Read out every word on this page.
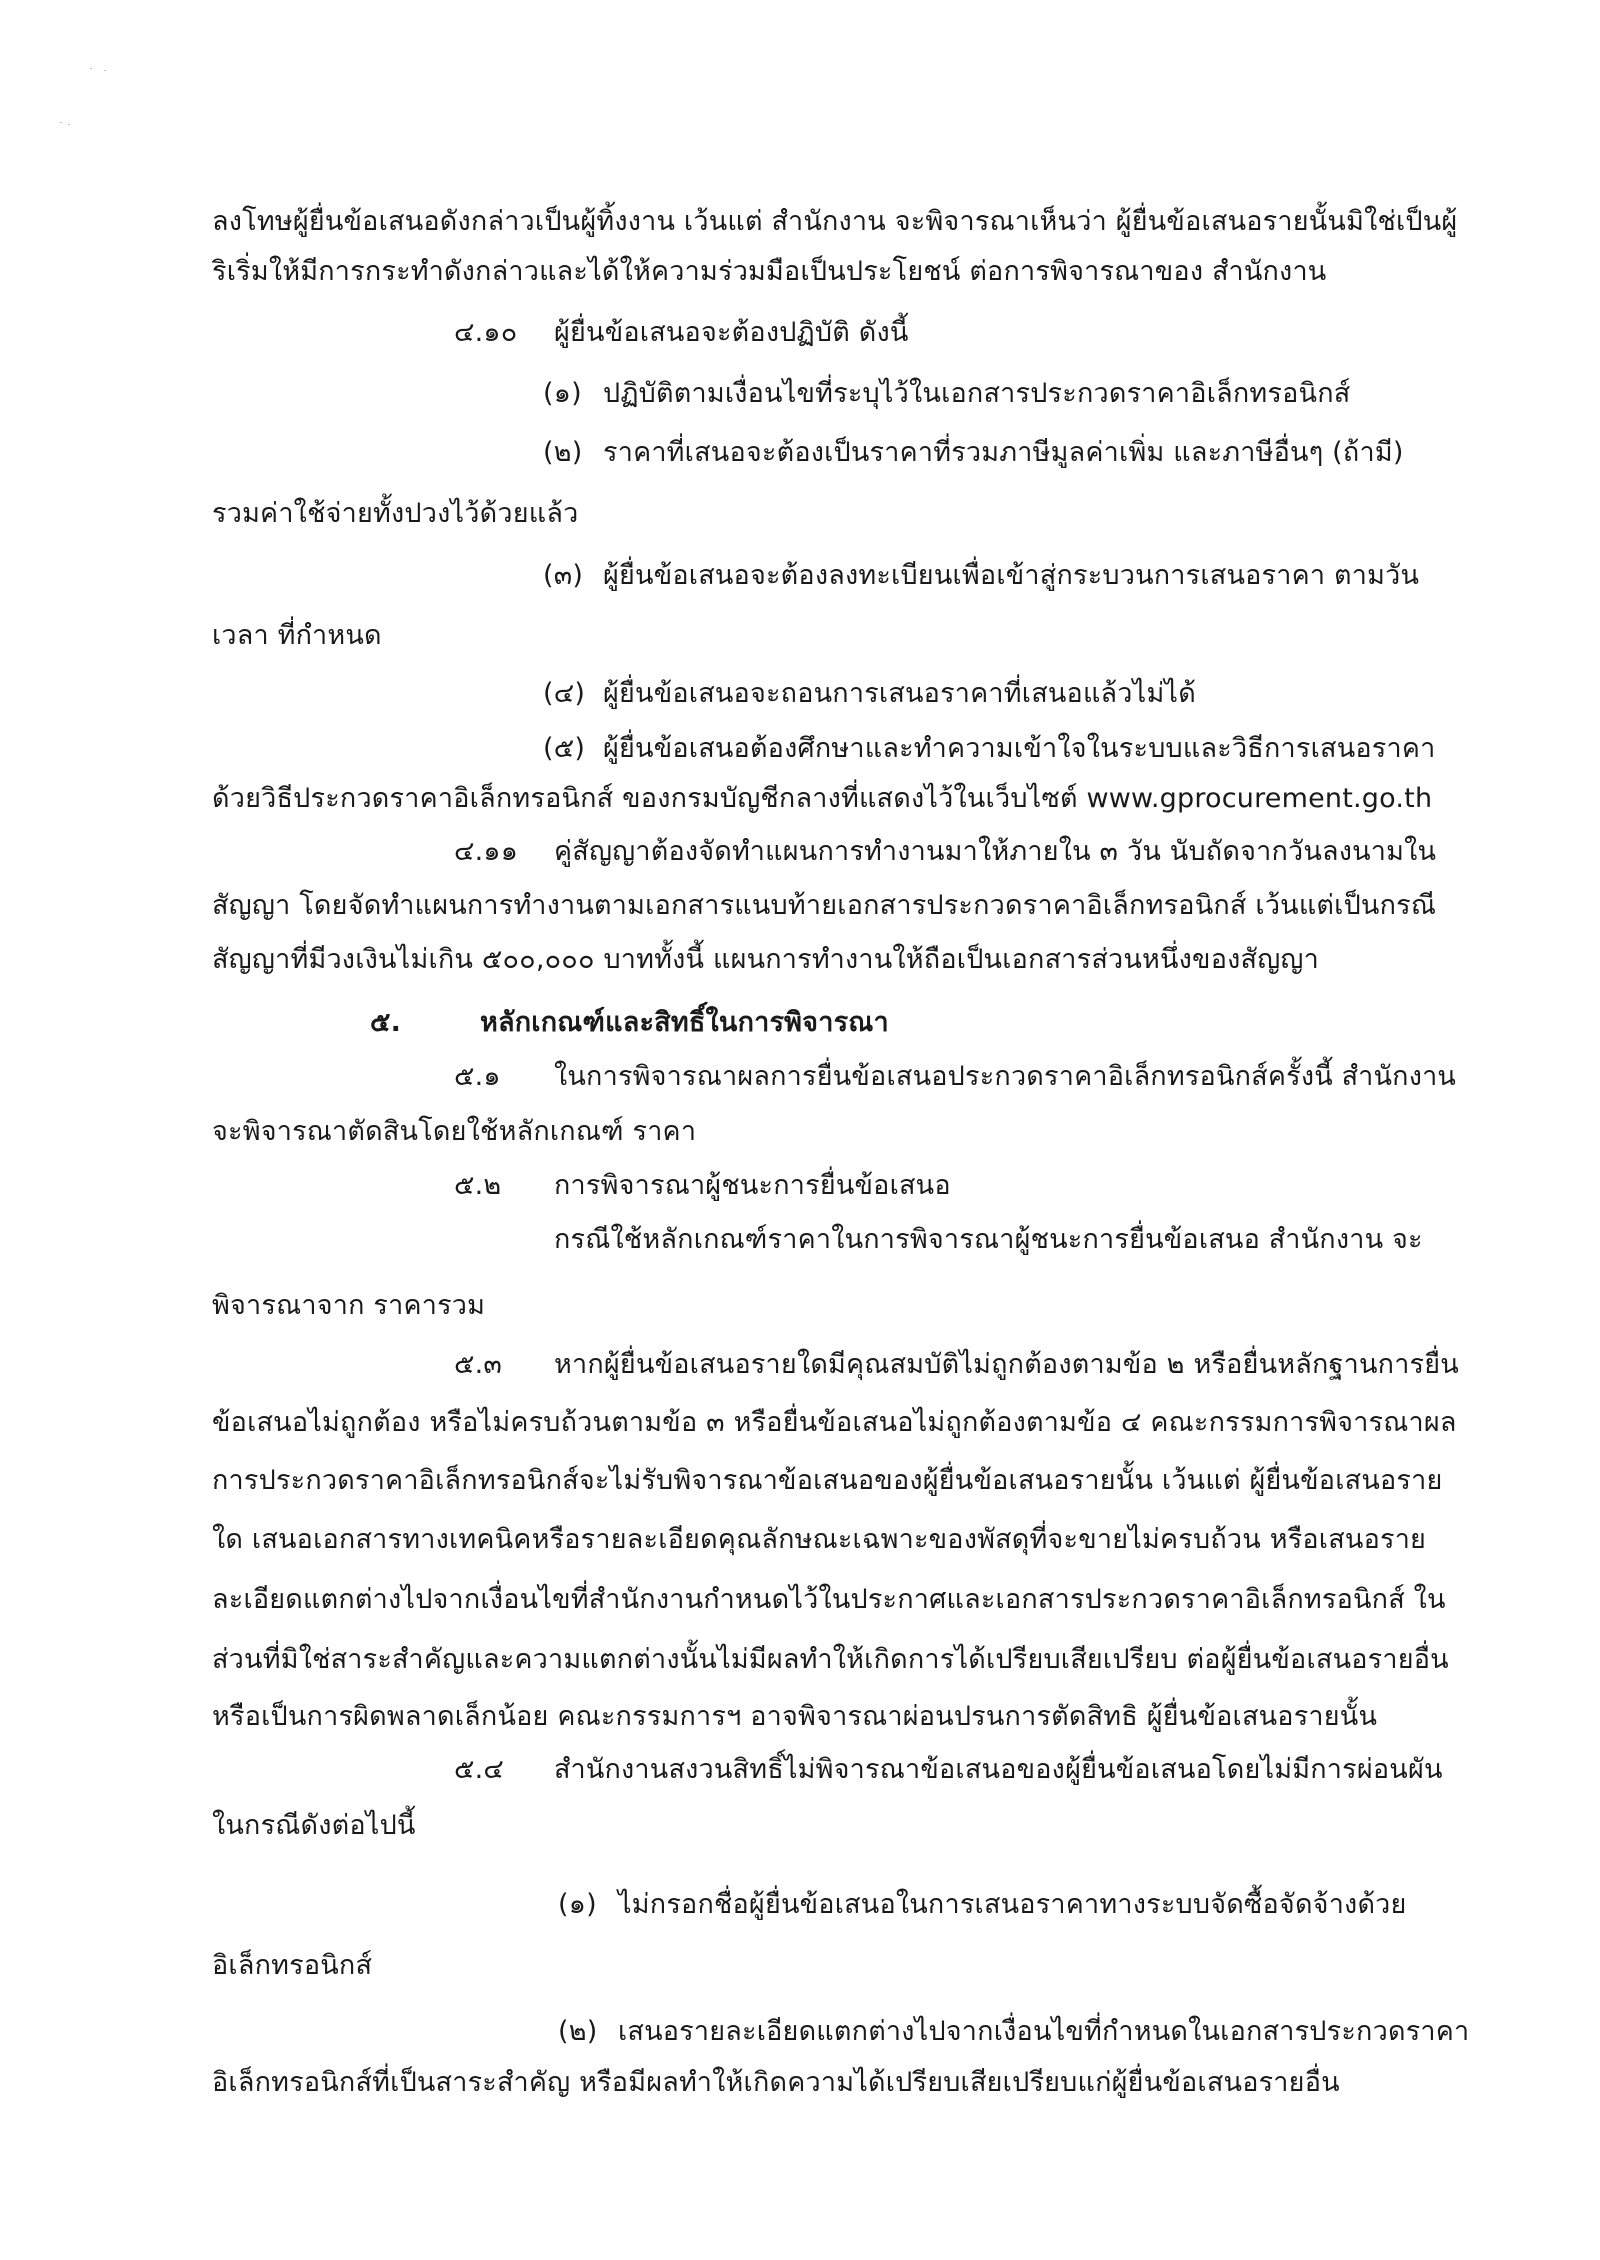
ลงโทษผู้ยื่นข้อเสนอดังกล่าวเป็นผู้ทิ้งงาน เว้นแต่ สำนักงาน จะพิจารณาเห็นว่า ผู้ยื่นข้อเสนอรายนั้นมิใช่เป็นผู้
ริเริ่มให้มีการกระทำดังกล่าวและได้ให้ความร่วมมือเป็นประโยชน์ ต่อการพิจารณาของ สำนักงาน
๔.๑๐ ผู้ยื่นข้อเสนอจะต้องปฏิบัติ ดังนี้
(๑) ปฏิบัติตามเงื่อนไขที่ระบุไว้ในเอกสารประกวดราคาอิเล็กทรอนิกส์
(๒) ราคาที่เสนอจะต้องเป็นราคาที่รวมภาษีมูลค่าเพิ่ม และภาษีอื่นๆ (ถ้ามี)
รวมค่าใช้จ่ายทั้งปวงไว้ด้วยแล้ว
(๓) ผู้ยื่นข้อเสนอจะต้องลงทะเบียนเพื่อเข้าสู่กระบวนการเสนอราคา ตามวัน
เวลา ที่กำหนด
(๔) ผู้ยื่นข้อเสนอจะถอนการเสนอราคาที่เสนอแล้วไม่ได้
(๕) ผู้ยื่นข้อเสนอต้องศึกษาและทำความเข้าใจในระบบและวิธีการเสนอราคา
ด้วยวิธีประกวดราคาอิเล็กทรอนิกส์ ของกรมบัญชีกลางที่แสดงไว้ในเว็บไซต์ www.gprocurement.go.th
๔.๑๑ คู่สัญญาต้องจัดทำแผนการทำงานมาให้ภายใน ๓ วัน นับถัดจากวันลงนามใน
สัญญา โดยจัดทำแผนการทำงานตามเอกสารแนบท้ายเอกสารประกวดราคาอิเล็กทรอนิกส์ เว้นแต่เป็นกรณี
สัญญาที่มีวงเงินไม่เกิน ๕๐๐,๐๐๐ บาททั้งนี้ แผนการทำงานให้ถือเป็นเอกสารส่วนหนึ่งของสัญญา
๕.	หลักเกณฑ์และสิทธิ์ในการพิจารณา
๕.๑ ในการพิจารณาผลการยื่นข้อเสนอประกวดราคาอิเล็กทรอนิกส์ครั้งนี้ สำนักงาน
จะพิจารณาตัดสินโดยใช้หลักเกณฑ์ ราคา
๕.๒ การพิจารณาผู้ชนะการยื่นข้อเสนอ
กรณีใช้หลักเกณฑ์ราคาในการพิจารณาผู้ชนะการยื่นข้อเสนอ สำนักงาน จะ
พิจารณาจาก ราคารวม
๕.๓ หากผู้ยื่นข้อเสนอรายใดมีคุณสมบัติไม่ถูกต้องตามข้อ ๒ หรือยื่นหลักฐานการยื่น
ข้อเสนอไม่ถูกต้อง หรือไม่ครบถ้วนตามข้อ ๓ หรือยื่นข้อเสนอไม่ถูกต้องตามข้อ ๔ คณะกรรมการพิจารณาผล
การประกวดราคาอิเล็กทรอนิกส์จะไม่รับพิจารณาข้อเสนอของผู้ยื่นข้อเสนอรายนั้น เว้นแต่ ผู้ยื่นข้อเสนอราย
ใด เสนอเอกสารทางเทคนิคหรือรายละเอียดคุณลักษณะเฉพาะของพัสดุที่จะขายไม่ครบถ้วน หรือเสนอราย
ละเอียดแตกต่างไปจากเงื่อนไขที่สำนักงานกำหนดไว้ในประกาศและเอกสารประกวดราคาอิเล็กทรอนิกส์ ใน
ส่วนที่มิใช่สาระสำคัญและความแตกต่างนั้นไม่มีผลทำให้เกิดการได้เปรียบเสียเปรียบ ต่อผู้ยื่นข้อเสนอรายอื่น
หรือเป็นการผิดพลาดเล็กน้อย คณะกรรมการฯ อาจพิจารณาผ่อนปรนการตัดสิทธิ ผู้ยื่นข้อเสนอรายนั้น
๕.๔ สำนักงานสงวนสิทธิ์ไม่พิจารณาข้อเสนอของผู้ยื่นข้อเสนอโดยไม่มีการผ่อนผัน
ในกรณีดังต่อไปนี้
(๑) ไม่กรอกชื่อผู้ยื่นข้อเสนอในการเสนอราคาทางระบบจัดซื้อจัดจ้างด้วย
อิเล็กทรอนิกส์
(๒) เสนอรายละเอียดแตกต่างไปจากเงื่อนไขที่กำหนดในเอกสารประกวดราคา
อิเล็กทรอนิกส์ที่เป็นสาระสำคัญ หรือมีผลทำให้เกิดความได้เปรียบเสียเปรียบแก่ผู้ยื่นข้อเสนอรายอื่น
